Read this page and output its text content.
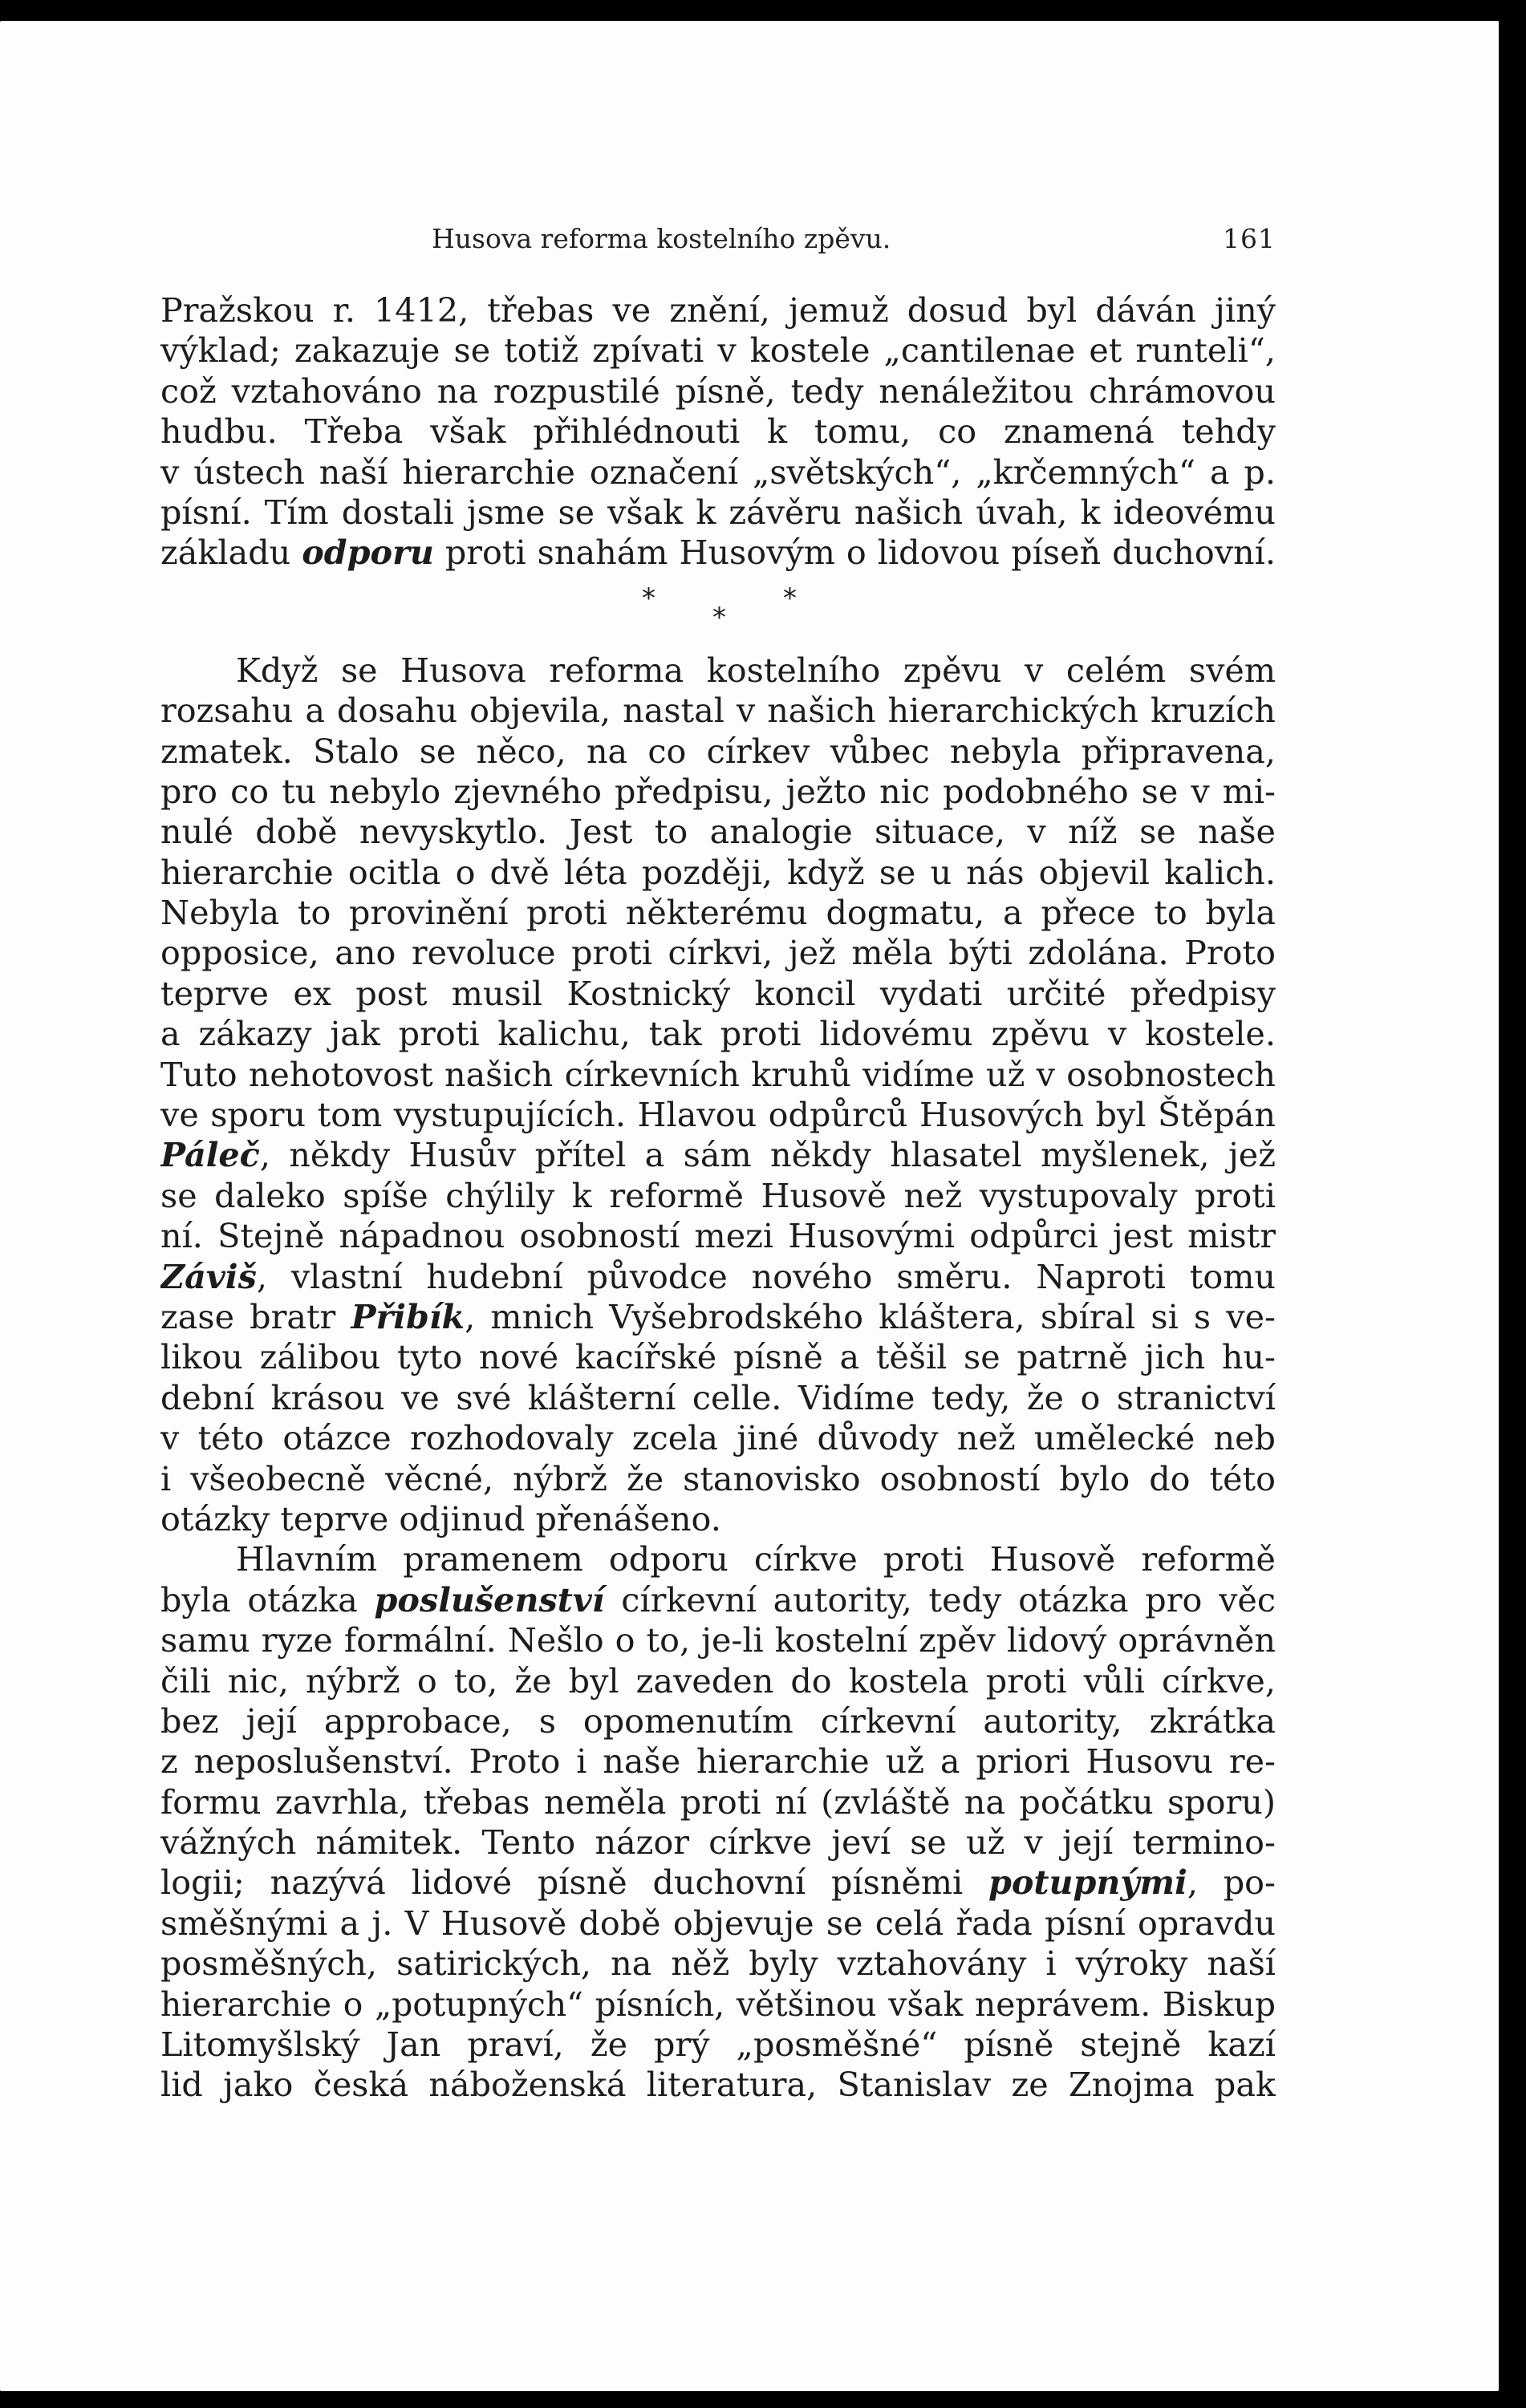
Husova reforma kostelního zpěvu.	161
Pražskou r. 1412, třebas ve znění, jemuž dosud byl dáván jiný
výklad; zakazuje se totiž zpívati v kostele „cantilenae et runteli“,
což vztahováno na rozpustilé písně, tedy nenáležitou chrámovou
hudbu. Třeba však přihlédnouti k tomu, co znamená tehdy
v ústech naší hierarchie označení „světských“, „krčemných“ a p.
písní. Tím dostali jsme se však k závěru našich úvah, k ideovému
základu odporu proti snahám Husovým o lidovou píseň duchovní.
*
*
*
Když se Husova reforma kostelního zpěvu v celém svém
rozsahu a dosahu objevila, nastal v našich hierarchických kruzích
zmatek. Stalo se něco, na co církev vůbec nebyla připravena,
pro co tu nebylo zjevného předpisu, ježto nic podobného se v mi-
nulé době nevyskytlo. Jest to analogie situace, v níž se naše
hierarchie ocitla o dvě léta později, když se u nás objevil kalich.
Nebyla to provinění proti některému dogmatu, a přece to byla
opposice, ano revoluce proti církvi, jež měla býti zdolána. Proto
teprve ex post musil Kostnický koncil vydati určité předpisy
a zákazy jak proti kalichu, tak proti lidovému zpěvu v kostele.
Tuto nehotovost našich církevních kruhů vidíme už v osobnostech
ve sporu tom vystupujících. Hlavou odpůrců Husových byl Štěpán
Páleč, někdy Husův přítel a sám někdy hlasatel myšlenek, jež
se daleko spíše chýlily k reformě Husově než vystupovaly proti
ní. Stejně nápadnou osobností mezi Husovými odpůrci jest mistr
Záviš, vlastní hudební původce nového směru. Naproti tomu
zase bratr Přibík, mnich Vyšebrodského kláštera, sbíral si s ve-
likou zálibou tyto nové kacířské písně a těšil se patrně jich hu-
dební krásou ve své klášterní celle. Vidíme tedy, že o stranictví
v této otázce rozhodovaly zcela jiné důvody než umělecké neb
i všeobecně věcné, nýbrž že stanovisko osobností bylo do této
otázky teprve odjinud přenášeno.
Hlavním pramenem odporu církve proti Husově reformě
byla otázka poslušenství církevní autority, tedy otázka pro věc
samu ryze formální. Nešlo o to, je-li kostelní zpěv lidový oprávněn
čili nic, nýbrž o to, že byl zaveden do kostela proti vůli církve,
bez její approbace, s opomenutím církevní autority, zkrátka
z neposlušenství. Proto i naše hierarchie už a priori Husovu re-
formu zavrhla, třebas neměla proti ní (zvláště na počátku sporu)
vážných námitek. Tento názor církve jeví se už v její termino-
logii; nazývá lidové písně duchovní písněmi potupnými, po-
směšnými a j. V Husově době objevuje se celá řada písní opravdu
posměšných, satirických, na něž byly vztahovány i výroky naší
hierarchie o „potupných“ písních, většinou však neprávem. Biskup
Litomyšlský Jan praví, že prý „posměšné“ písně stejně kazí
lid jako česká náboženská literatura, Stanislav ze Znojma pak
